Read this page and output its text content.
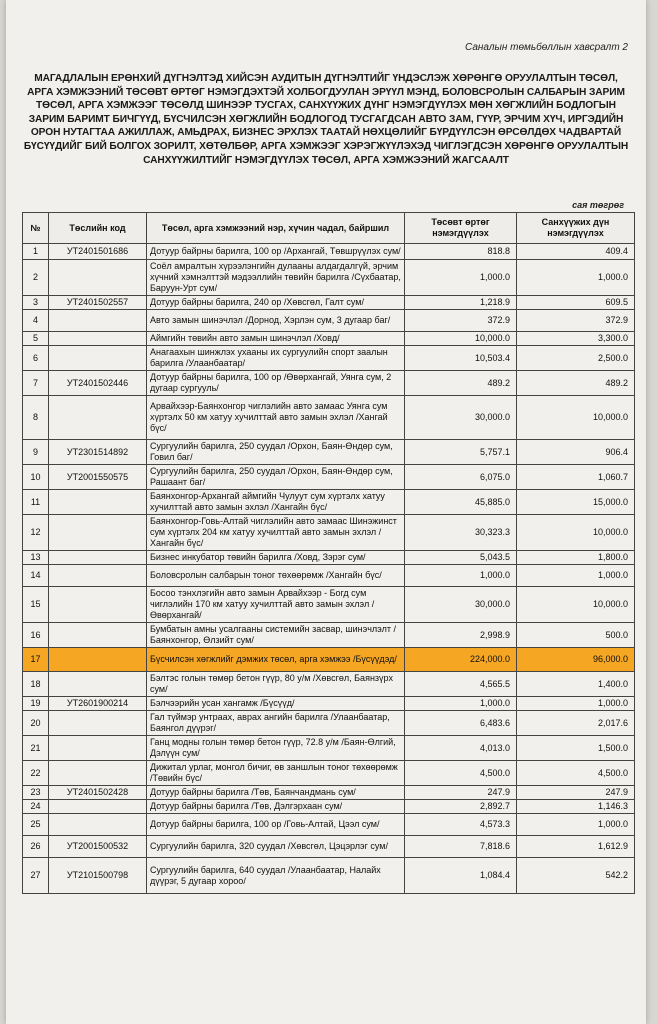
Саналын төмьбөллын хавсралт 2
МАГАДЛАЛЫН ЕРӨНХИЙ ДҮГНЭЛТЭД ХИЙСЭН АУДИТЫН ДҮГНЭЛТИЙГ ҮНДЭСЛЭЖ ХӨРӨНГӨ ОРУУЛАЛТЫН ТӨСӨЛ, АРГА ХЭМЖЭЭНИЙ ТӨСӨВТ ӨРТӨГ НЭМЭГДЭХТЭЙ ХОЛБОГДУУЛАН ЭРҮҮЛ МЭНД, БОЛОВСРОЛЫН САЛБАРЫН ЗАРИМ ТӨСӨЛ, АРГА ХЭМЖЭЭГ ТӨСӨЛД ШИНЭЭР ТУСГАХ, САНХҮҮЖИХ ДҮНГ НЭМЭГДҮҮЛЭХ МӨН ХӨГЖЛИЙН БОДЛОГЫН ЗАРИМ БАРИМТ БИЧГҮҮД, БҮСЧИЛСЭН ХӨГЖЛИЙН БОДЛОГОД ТУСГАГДСАН АВТО ЗАМ, ГҮҮР, ЭРЧИМ ХҮЧ, ИРГЭДИЙН ОРОН НУТАГТАА АЖИЛЛАЖ, АМЬДРАХ, БИЗНЕС ЭРХЛЭХ ТААТАЙ НӨХЦӨЛИЙГ БҮРДҮҮЛСЭН ӨРСӨЛДӨХ ЧАДВАРТАЙ БҮСҮҮДИЙГ БИЙ БОЛГОХ ЗОРИЛТ, ХӨТӨЛБӨР, АРГА ХЭМЖЭЭГ ХЭРЭГЖҮҮЛЭХЭД ЧИГЛЭГДСЭН ХӨРӨНГӨ ОРУУЛАЛТЫН САНХҮҮЖИЛТИЙГ НЭМЭГДҮҮЛЭХ ТӨСӨЛ, АРГА ХЭМЖЭЭНИЙ ЖАГСААЛТ
сая төгрөг
№	Төслийн код	Төсөл, арга хэмжээний нэр, хүчин чадал, байршил	Төсөвт өртөг нэмэгдүүлэх	Санхүүжих дүн нэмэгдүүлэх
1	УТ2401501686	Дотуур байрны барилга, 100 ор /Архангай, Төвшрүүлэх сум/	818.8	409.4
2		Соёл амралтын хүрээлэнгийн дулааны алдагдалгүй, эрчим хүчний хэмнэлттэй мэдээллийн төвийн барилга /Сүхбаатар, Баруун-Урт сум/	1,000.0	1,000.0
3	УТ2401502557	Дотуур байрны барилга, 240 ор /Хөвсгөл, Галт сум/	1,218.9	609.5
4		Авто замын шинэчлэл /Дорнод, Хэрлэн сум, 3 дугаар баг/	372.9	372.9
5		Аймгийн төвийн авто замын шинэчлэл /Ховд/	10,000.0	3,300.0
6		Анагаахын шинжлэх ухааны их сургуулийн спорт заалын барилга /Улаанбаатар/	10,503.4	2,500.0
7	УТ2401502446	Дотуур байрны барилга, 100 ор /Өвөрхангай, Уянга сум, 2 дугаар сургууль/	489.2	489.2
8		Арвайхээр-Баянхонгор чиглэлийн авто замаас Уянга сум хүртэлх 50 км хатуу хучилттай авто замын эхлэл /Хангай бүс/	30,000.0	10,000.0
9	УТ2301514892	Сургуулийн барилга, 250 суудал /Орхон, Баян-Өндөр сум, Говил баг/	5,757.1	906.4
10	УТ2001550575	Сургуулийн барилга, 250 суудал /Орхон, Баян-Өндөр сум, Рашаант баг/	6,075.0	1,060.7
11		Баянхонгор-Архангай аймгийн Чулуут сум хүртэлх хатуу хучилттай авто замын эхлэл /Хангайн бүс/	45,885.0	15,000.0
12		Баянхонгор-Говь-Алтай чиглэлийн авто замаас Шинэжинст сум хүртэлх 204 км хатуу хучилттай авто замын эхлэл /Хангайн бүс/	30,323.3	10,000.0
13		Бизнес инкубатор төвийн барилга /Ховд, Зэрэг сум/	5,043.5	1,800.0
14		Боловсролын салбарын тоног төхөөрөмж /Хангайн бүс/	1,000.0	1,000.0
15		Босоо тэнхлэгийн авто замын Арвайхээр - Богд сум чиглэлийн 170 км хатуу хучилттай авто замын эхлэл /Өвөрхангай/	30,000.0	10,000.0
16		Бумбатын амны усалгааны системийн засвар, шинэчлэлт /Баянхонгор, Өлзийт сум/	2,998.9	500.0
17		Бүсчилсэн хөгжлийг дэмжих төсөл, арга хэмжээ /Бүсүүдэд/	224,000.0	96,000.0
18		Бэлтэс голын төмөр бетон гүүр, 80 у/м /Хөвсгөл, Баянзүрх сум/	4,565.5	1,400.0
19	УТ2601900214	Бэлчээрийн усан хангамж /Бүсүүд/	1,000.0	1,000.0
20		Гал түймэр унтраах, аврах ангийн барилга /Улаанбаатар, Баянгол дүүрэг/	6,483.6	2,017.6
21		Ганц модны голын төмөр бетон гүүр, 72.8 у/м /Баян-Өлгий, Дэлүүн сум/	4,013.0	1,500.0
22		Дижитал урлаг, монгол бичиг, өв заншлын тоног төхөөрөмж /Төвийн бүс/	4,500.0	4,500.0
23	УТ2401502428	Дотуур байрны барилга /Төв, Баянчандмань сум/	247.9	247.9
24		Дотуур байрны барилга /Төв, Дэлгэрхаан сум/	2,892.7	1,146.3
25		Дотуур байрны барилга, 100 ор /Говь-Алтай, Цээл сум/	4,573.3	1,000.0
26	УТ2001500532	Сургуулийн барилга, 320 суудал /Хөвсгөл, Цэцэрлэг сум/	7,818.6	1,612.9
27	УТ2101500798	Сургуулийн барилга, 640 суудал /Улаанбаатар, Налайх дүүрэг, 5 дугаар хороо/	1,084.4	542.2
